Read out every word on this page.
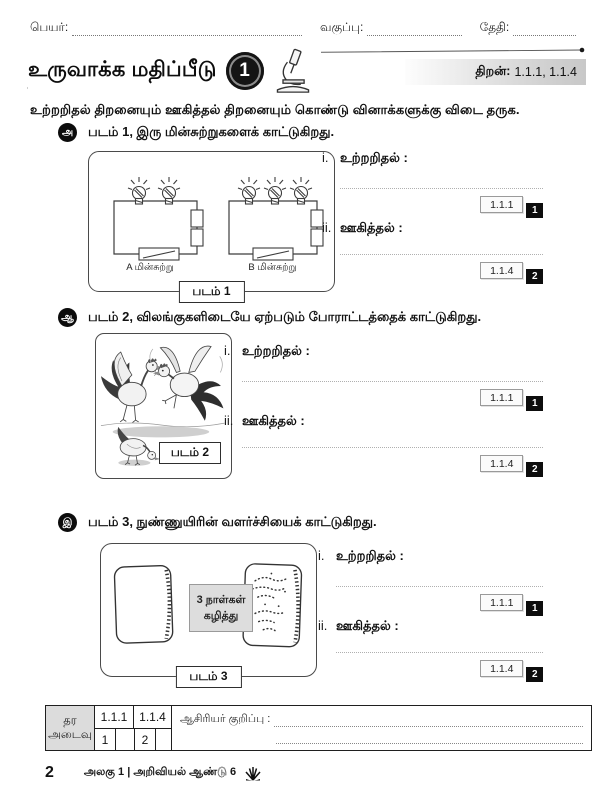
பெயர்:	வகுப்பு:	தேதி:
உருவாக்க மதிப்பீடு	1	திறன்: 1.1.1, 1.1.4
உற்றறிதல் திறனையும் ஊகித்தல் திறனையும் கொண்டு வினாக்களுக்கு விடை தருக.
அ	படம் 1, இரு மின்சுற்றுகளைக் காட்டுகிறது.
A மின்சுற்று	B மின்சுற்று
படம் 1
i. உற்றறிதல் :
1.1.1	1
ii. ஊகித்தல் :
1.1.4	2
ஆ படம் 2, விலங்குகளிடையே ஏற்படும் போராட்டத்தைக் காட்டுகிறது.
படம் 2
i. உற்றறிதல் :
1.1.1	1
ii. ஊகித்தல் :
1.1.4	2
இ	படம் 3, நுண்ணுயிரின் வளர்ச்சியைக் காட்டுகிறது.
3 நாள்கள்
கழித்து
படம் 3
i. உற்றறிதல் :
1.1.1	1
ii. ஊகித்தல் :
1.1.4	2
தர
அடைவு
1.1.1 1.1.4
1	2
ஆசிரியர் குறிப்பு :
2	அலகு 1 | அறிவியல் ஆண்டு 6
